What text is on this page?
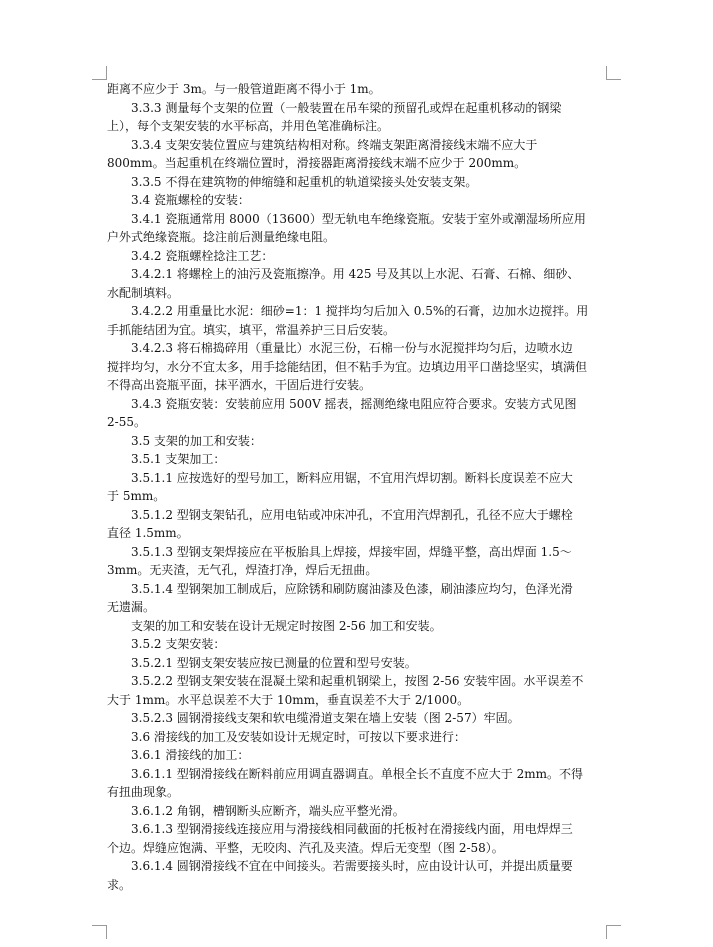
距离不应少于 3m。与一般管道距离不得小于 1m。
3.3.3 测量每个支架的位置（一般装置在吊车梁的预留孔或焊在起重机移动的钢梁
上），每个支架安装的水平标高，并用色笔准确标注。
3.3.4 支架安装位置应与建筑结构相对称。终端支架距离滑接线末端不应大于
800mm。当起重机在终端位置时，滑接器距离滑接线末端不应少于 200mm。
3.3.5 不得在建筑物的伸缩缝和起重机的轨道梁接头处安装支架。
3.4 瓷瓶螺栓的安装：
3.4.1 瓷瓶通常用 8000（13600）型无轨电车绝缘瓷瓶。安装于室外或潮湿场所应用
户外式绝缘瓷瓶。捻注前后测量绝缘电阻。
3.4.2 瓷瓶螺栓捻注工艺：
3.4.2.1 将螺栓上的油污及瓷瓶擦净。用 425 号及其以上水泥、石膏、石棉、细砂、
水配制填料。
3.4.2.2 用重量比水泥：细砂=1：1 搅拌均匀后加入 0.5%的石膏，边加水边搅拌。用
手抓能结团为宜。填实，填平，常温养护三日后安装。
3.4.2.3 将石棉捣碎用（重量比）水泥三份，石棉一份与水泥搅拌均匀后，边喷水边
搅拌均匀，水分不宜太多，用手捻能结团，但不粘手为宜。边填边用平口凿捻坚实，填满但
不得高出瓷瓶平面，抹平洒水，干固后进行安装。
3.4.3 瓷瓶安装：安装前应用 500V 摇表，摇测绝缘电阻应符合要求。安装方式见图
2-55。
3.5 支架的加工和安装：
3.5.1 支架加工：
3.5.1.1 应按选好的型号加工，断料应用锯，不宜用汽焊切割。断料长度误差不应大
于 5mm。
3.5.1.2 型钢支架钻孔，应用电钻或冲床冲孔，不宜用汽焊割孔，孔径不应大于螺栓
直径 1.5mm。
3.5.1.3 型钢支架焊接应在平板胎具上焊接，焊接牢固，焊缝平整，高出焊面 1.5～
3mm。无夹渣，无气孔，焊渣打净，焊后无扭曲。
3.5.1.4 型钢架加工制成后，应除锈和刷防腐油漆及色漆，刷油漆应均匀，色泽光滑
无遗漏。
支架的加工和安装在设计无规定时按图 2-56 加工和安装。
3.5.2 支架安装：
3.5.2.1 型钢支架安装应按已测量的位置和型号安装。
3.5.2.2 型钢支架安装在混凝土梁和起重机钢梁上，按图 2-56 安装牢固。水平误差不
大于 1mm。水平总误差不大于 10mm，垂直误差不大于 2/1000。
3.5.2.3 圆钢滑接线支架和软电缆滑道支架在墙上安装（图 2-57）牢固。
3.6 滑接线的加工及安装如设计无规定时，可按以下要求进行：
3.6.1 滑接线的加工：
3.6.1.1 型钢滑接线在断料前应用调直器调直。单根全长不直度不应大于 2mm。不得
有扭曲现象。
3.6.1.2 角钢，槽钢断头应断齐，端头应平整光滑。
3.6.1.3 型钢滑接线连接应用与滑接线相同截面的托板衬在滑接线内面，用电焊焊三
个边。焊缝应饱满、平整，无咬肉、汽孔及夹渣。焊后无变型（图 2-58）。
3.6.1.4 圆钢滑接线不宜在中间接头。若需要接头时，应由设计认可，并提出质量要
求。
